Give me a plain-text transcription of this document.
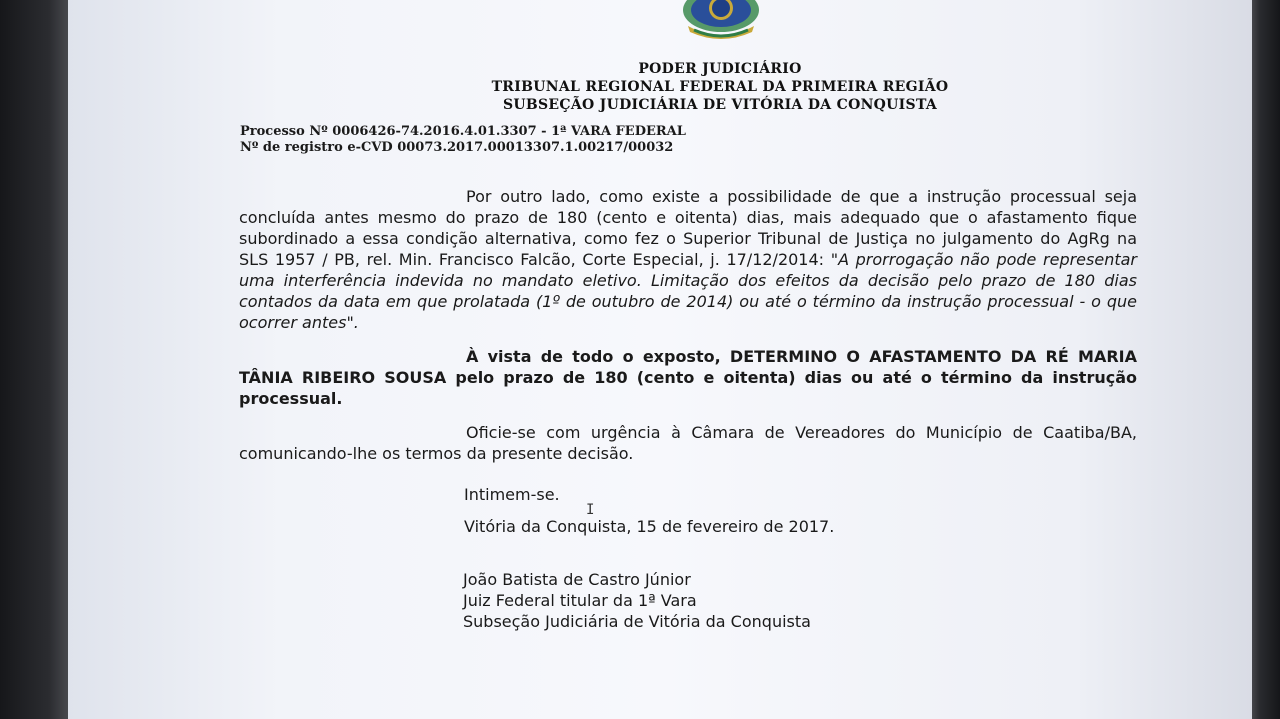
PODER JUDICIÁRIO
TRIBUNAL REGIONAL FEDERAL DA PRIMEIRA REGIÃO
SUBSEÇÃO JUDICIÁRIA DE VITÓRIA DA CONQUISTA
Processo Nº 0006426-74.2016.4.01.3307 - 1ª VARA FEDERAL
Nº de registro e-CVD 00073.2017.00013307.1.00217/00032

Por outro lado, como existe a possibilidade de que a instrução processual seja concluída antes mesmo do prazo de 180 (cento e oitenta) dias, mais adequado que o afastamento fique subordinado a essa condição alternativa, como fez o Superior Tribunal de Justiça no julgamento do AgRg na SLS 1957 / PB, rel. Min. Francisco Falcão, Corte Especial, j. 17/12/2014: "A prorrogação não pode representar uma interferência indevida no mandato eletivo. Limitação dos efeitos da decisão pelo prazo de 180 dias contados da data em que prolatada (1º de outubro de 2014) ou até o término da instrução processual - o que ocorrer antes".

À vista de todo o exposto, DETERMINO O AFASTAMENTO DA RÉ MARIA TÂNIA RIBEIRO SOUSA pelo prazo de 180 (cento e oitenta) dias ou até o término da instrução processual.

Oficie-se com urgência à Câmara de Vereadores do Município de Caatiba/BA, comunicando-lhe os termos da presente decisão.

Intimem-se.
Vitória da Conquista, 15 de fevereiro de 2017.
I
João Batista de Castro Júnior
Juiz Federal titular da 1ª Vara
Subseção Judiciária de Vitória da Conquista
